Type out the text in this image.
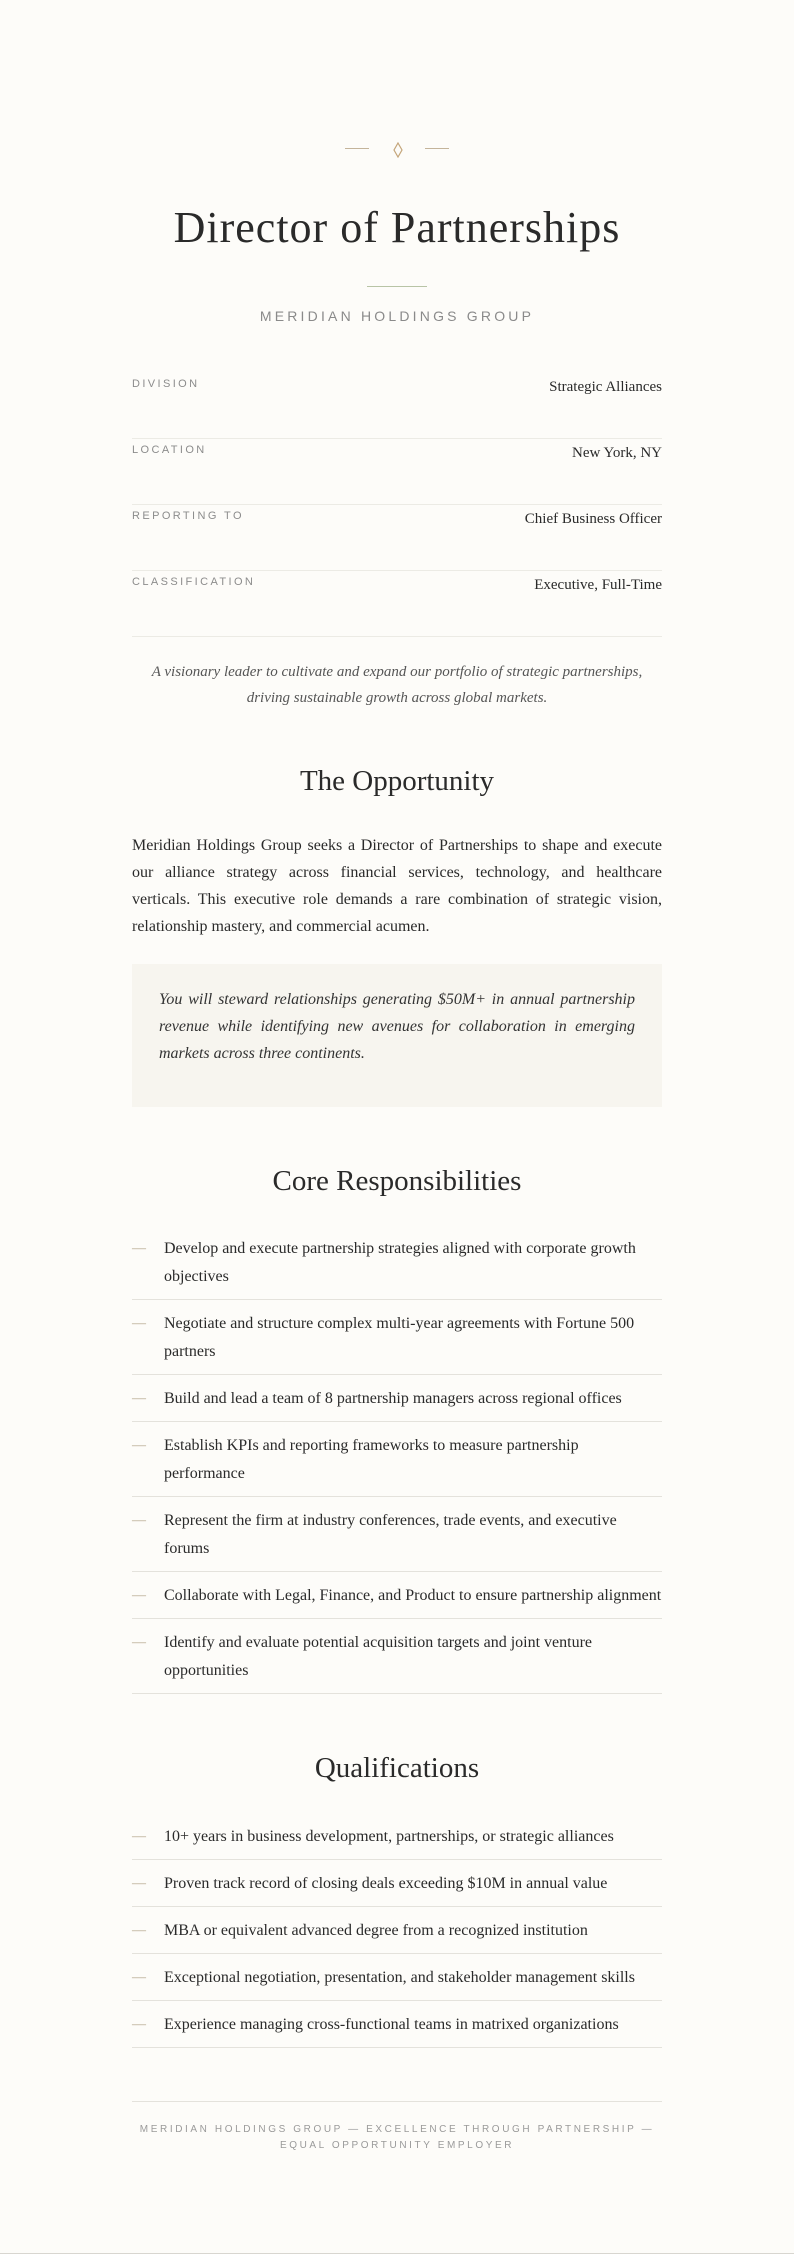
Director of Partnerships
MERIDIAN HOLDINGS GROUP
DIVISION	Strategic Alliances
LOCATION	New York, NY
REPORTING TO	Chief Business Officer
CLASSIFICATION	Executive, Full-Time

A visionary leader to cultivate and expand our portfolio of strategic partnerships, driving sustainable growth across global markets.

The Opportunity

Meridian Holdings Group seeks a Director of Partnerships to shape and execute our alliance strategy across financial services, technology, and healthcare verticals. This executive role demands a rare combination of strategic vision, relationship mastery, and commercial acumen.

You will steward relationships generating $50M+ in annual partnership revenue while identifying new avenues for collaboration in emerging markets across three continents.
Core Responsibilities
—	Develop and execute partnership strategies aligned with corporate growth objectives
—	Negotiate and structure complex multi-year agreements with Fortune 500 partners
—	Build and lead a team of 8 partnership managers across regional offices
—	Establish KPIs and reporting frameworks to measure partnership performance
—	Represent the firm at industry conferences, trade events, and executive forums
—	Collaborate with Legal, Finance, and Product to ensure partnership alignment
—	Identify and evaluate potential acquisition targets and joint venture opportunities
Qualifications
—	10+ years in business development, partnerships, or strategic alliances
—	Proven track record of closing deals exceeding $10M in annual value
—	MBA or equivalent advanced degree from a recognized institution
—	Exceptional negotiation, presentation, and stakeholder management skills
—	Experience managing cross-functional teams in matrixed organizations
MERIDIAN HOLDINGS GROUP — EXCELLENCE THROUGH PARTNERSHIP —
EQUAL OPPORTUNITY EMPLOYER
